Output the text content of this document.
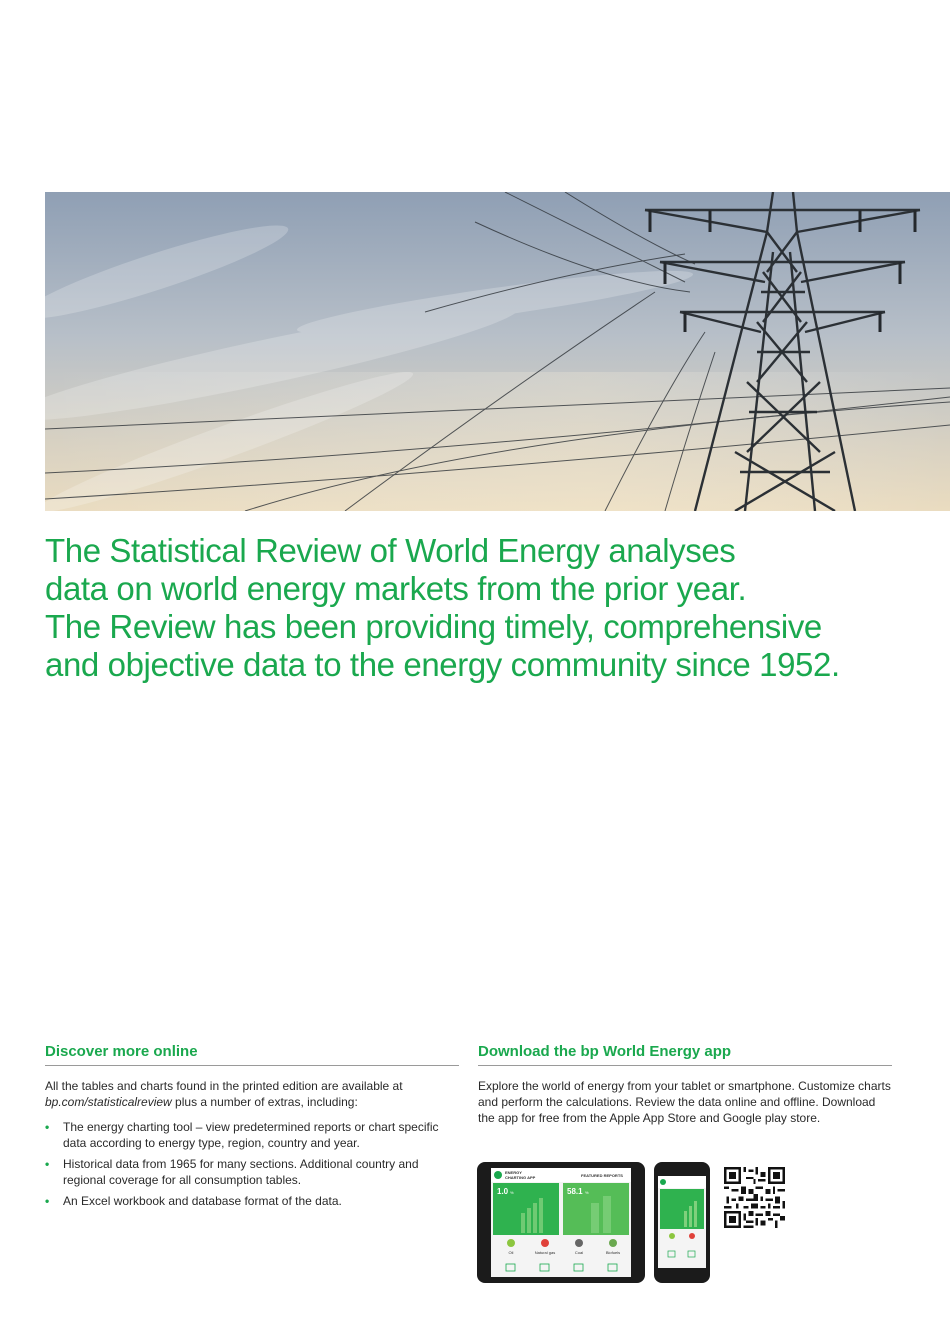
The Statistical Review of World Energy analyses
data on world energy markets from the prior year.
The Review has been providing timely, comprehensive
and objective data to the energy community since 1952.
Discover more online

All the tables and charts found in the printed edition are available at bp.com/statisticalreview plus a number of extras, including:

• The energy charting tool – view predetermined reports or chart specific data according to energy type, region, country and year.
• Historical data from 1965 for many sections. Additional country and regional coverage for all consumption tables.
• An Excel workbook and database format of the data.
Download the bp World Energy app

Explore the world of energy from your tablet or smartphone. Customize charts and perform the calculations. Review the data online and offline. Download the app for free from the Apple App Store and Google play store.

ENERGY
CHARTING APP	FEATURED REPORTS
1.0 %	58.1 %
Oil	Natural gas	Coal	Biofuels
